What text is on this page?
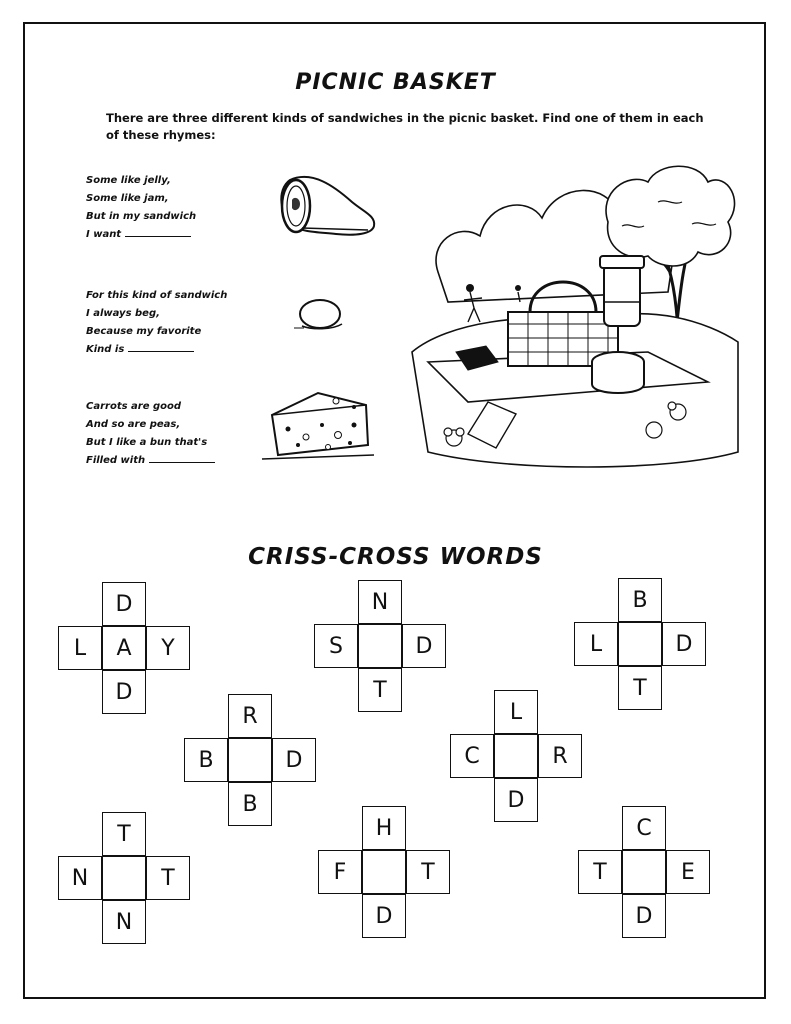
PICNIC BASKET
There are three different kinds of sandwiches in the picnic basket. Find one of them in each of these rhymes:
Some like jelly,
Some like jam,
But in my sandwich
I want
For this kind of sandwich
I always beg,
Because my favorite
Kind is
Carrots are good
And so are peas,
But I like a bun that's
Filled with
CRISS-CROSS WORDS
D
L	A	Y
D
N
S	D
T
B
L	D
T
R
B	D
B
L
C	R
D
T
N	T
N
H
F	T
D
C
T	E
D
